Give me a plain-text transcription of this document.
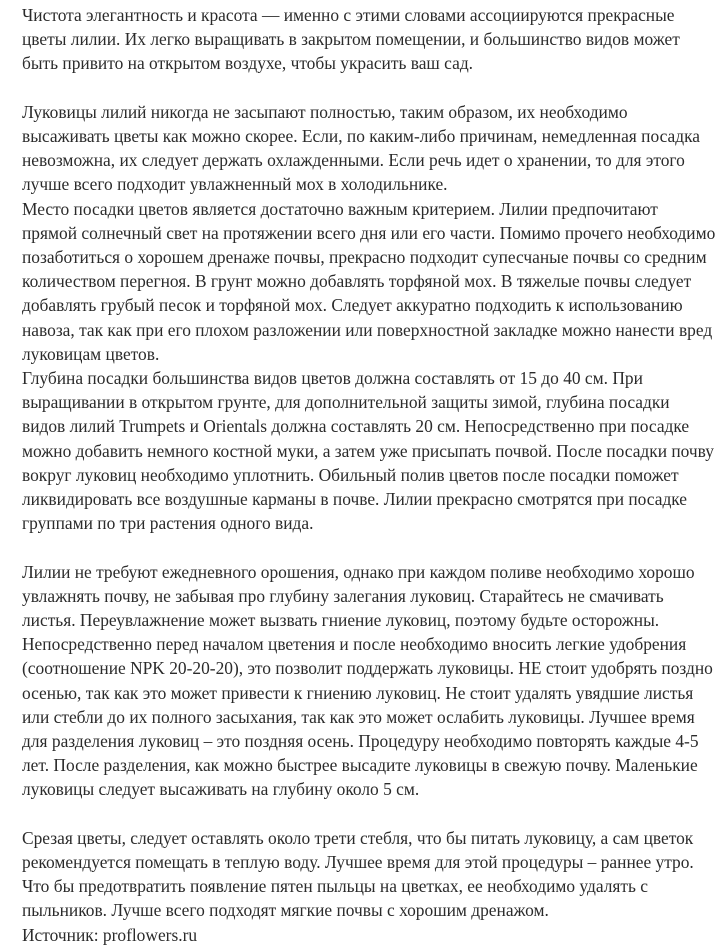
Чистота элегантность и красота — именно с этими словами ассоциируются прекрасные цветы лилии. Их легко выращивать в закрытом помещении, и большинство видов может быть привито на открытом воздухе, чтобы украсить ваш сад.

Луковицы лилий никогда не засыпают полностью, таким образом, их необходимо высаживать цветы как можно скорее. Если, по каким-либо причинам, немедленная посадка невозможна, их следует держать охлажденными. Если речь идет о хранении, то для этого лучше всего подходит увлажненный мох в холодильнике.

Место посадки цветов является достаточно важным критерием. Лилии предпочитают прямой солнечный свет на протяжении всего дня или его части. Помимо прочего необходимо позаботиться о хорошем дренаже почвы, прекрасно подходит супесчаные почвы со средним количеством перегноя. В грунт можно добавлять торфяной мох. В тяжелые почвы следует добавлять грубый песок и торфяной мох. Следует аккуратно подходить к использованию навоза, так как при его плохом разложении или поверхностной закладке можно нанести вред луковицам цветов.

Глубина посадки большинства видов цветов должна составлять от 15 до 40 см. При выращивании в открытом грунте, для дополнительной защиты зимой, глубина посадки видов лилий Trumpets и Orientals должна составлять 20 см. Непосредственно при посадке можно добавить немного костной муки, а затем уже присыпать почвой. После посадки почву вокруг луковиц необходимо уплотнить. Обильный полив цветов после посадки поможет ликвидировать все воздушные карманы в почве. Лилии прекрасно смотрятся при посадке группами по три растения одного вида.

Лилии не требуют ежедневного орошения, однако при каждом поливе необходимо хорошо увлажнять почву, не забывая про глубину залегания луковиц. Старайтесь не смачивать листья. Переувлажнение может вызвать гниение луковиц, поэтому будьте осторожны. Непосредственно перед началом цветения и после необходимо вносить легкие удобрения (соотношение NPK 20-20-20), это позволит поддержать луковицы. НЕ стоит удобрять поздно осенью, так как это может привести к гниению луковиц. Не стоит удалять увядшие листья или стебли до их полного засыхания, так как это может ослабить луковицы. Лучшее время для разделения луковиц – это поздняя осень. Процедуру необходимо повторять каждые 4-5 лет. После разделения, как можно быстрее высадите луковицы в свежую почву. Маленькие луковицы следует высаживать на глубину около 5 см.

Срезая цветы, следует оставлять около трети стебля, что бы питать луковицу, а сам цветок рекомендуется помещать в теплую воду. Лучшее время для этой процедуры – раннее утро. Что бы предотвратить появление пятен пыльцы на цветках, ее необходимо удалять с пыльников. Лучше всего подходят мягкие почвы с хорошим дренажом.

Источник: proflowers.ru
